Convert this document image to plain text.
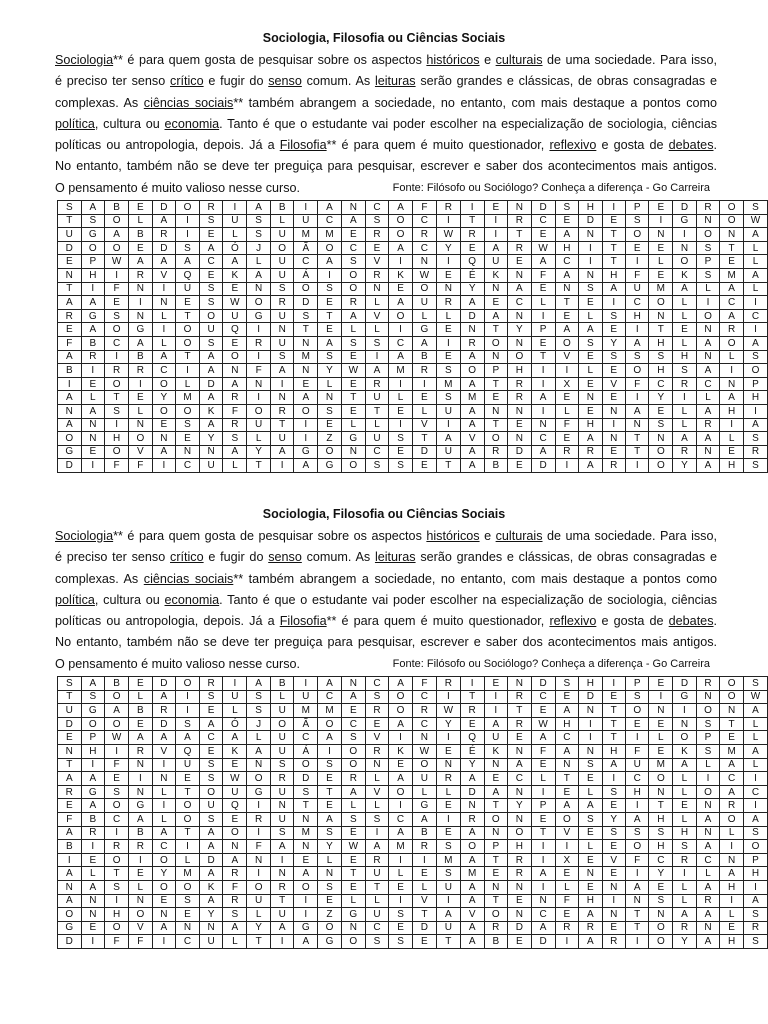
Sociologia, Filosofia ou Ciências Sociais
Sociologia** é para quem gosta de pesquisar sobre os aspectos históricos e culturais de uma sociedade. Para isso,
é preciso ter senso crítico e fugir do senso comum. As leituras serão grandes e clássicas, de obras consagradas e
complexas. As ciências sociais** também abrangem a sociedade, no entanto, com mais destaque a pontos como
política, cultura ou economia. Tanto é que o estudante vai poder escolher na especialização de sociologia, ciências
políticas ou antropologia, depois. Já a Filosofia** é para quem é muito questionador, reflexivo e gosta de debates.
No entanto, também não se deve ter preguiça para pesquisar, escrever e saber dos acontecimentos mais antigos.
O pensamento é muito valioso nesse curso.	Fonte: Filósofo ou Sociólogo? Conheça a diferença - Go Carreira
S	A	B	E	D	O	R	I	A	B	I	A	N	C	A	F	R	I	E	N	D	S	H	I	P	E	D	R	O	S
T	S	O	L	A	I	S	U	S	L	U	C	A	S	O	C	I	T	I	R	C	E	D	E	S	I	G	N	O	W
U	G	A	B	R	I	E	L	S	U	M	M	E	R	O	R	W	R	I	T	E	A	N	T	O	N	I	O	N	A
D	O	O	E	D	S	A	Ó	J	O	Ã	O	C	E	A	C	Y	E	A	R	W	H	I	T	E	E	N	S	T	L
E	P	W	A	A	A	C	A	L	U	C	A	S	V	I	N	I	Q	U	E	A	C	I	T	I	L	O	P	E	L
N	H	I	R	V	Q	E	K	A	U	Á	I	O	R	K	W	E	É	K	N	F	A	N	H	F	E	K	S	M	A
T	I	F	N	I	U	S	E	N	S	O	S	O	N	E	O	N	Y	N	A	E	N	S	A	U	M	A	L	A	L
A	A	E	I	N	E	S	W	O	R	D	E	R	L	A	U	R	A	E	C	L	T	E	I	C	O	L	I	C	I
R	G	S	N	L	T	O	U	G	U	S	T	A	V	O	L	L	D	A	N	I	E	L	S	H	N	L	O	A	C
E	A	O	G	I	O	U	Q	I	N	T	E	L	L	I	G	E	N	T	Y	P	A	A	E	I	T	E	N	R	I
F	B	C	A	L	O	S	E	R	U	N	A	S	S	C	A	I	R	O	N	E	O	S	Y	A	H	L	A	O	A
A	R	I	B	A	T	A	O	I	S	M	S	E	I	A	B	E	A	N	O	T	V	E	S	S	S	H	N	L	S
B	I	R	R	C	I	A	N	F	A	N	Y	W	A	M	R	S	O	P	H	I	I	L	E	O	H	S	A	I	O
I	E	O	I	O	L	D	A	N	I	E	L	E	R	I	I	M	A	T	R	I	X	E	V	F	C	R	C	N	P
A	L	T	E	Y	M	A	R	I	N	A	N	T	U	L	E	S	M	E	R	A	E	N	E	I	Y	I	L	A	H
N	A	S	L	O	O	K	F	O	R	O	S	E	T	E	L	U	A	N	N	I	L	E	N	A	E	L	A	H	I
A	N	I	N	E	S	A	R	U	T	I	E	L	L	I	V	I	A	T	E	N	F	H	I	N	S	L	R	I	A
O	N	H	O	N	E	Y	S	L	U	I	Z	G	U	S	T	A	V	O	N	C	E	A	N	T	N	A	A	L	S
G	E	O	V	A	N	N	A	Y	A	G	O	N	C	E	D	U	A	R	D	A	R	R	E	T	O	R	N	E	R
D	I	F	F	I	C	U	L	T	I	A	G	O	S	S	E	T	A	B	E	D	I	A	R	I	O	Y	A	H	S
Sociologia, Filosofia ou Ciências Sociais
Sociologia** é para quem gosta de pesquisar sobre os aspectos históricos e culturais de uma sociedade. Para isso,
é preciso ter senso crítico e fugir do senso comum. As leituras serão grandes e clássicas, de obras consagradas e
complexas. As ciências sociais** também abrangem a sociedade, no entanto, com mais destaque a pontos como
política, cultura ou economia. Tanto é que o estudante vai poder escolher na especialização de sociologia, ciências
políticas ou antropologia, depois. Já a Filosofia** é para quem é muito questionador, reflexivo e gosta de debates.
No entanto, também não se deve ter preguiça para pesquisar, escrever e saber dos acontecimentos mais antigos.
O pensamento é muito valioso nesse curso.	Fonte: Filósofo ou Sociólogo? Conheça a diferença - Go Carreira
S	A	B	E	D	O	R	I	A	B	I	A	N	C	A	F	R	I	E	N	D	S	H	I	P	E	D	R	O	S
T	S	O	L	A	I	S	U	S	L	U	C	A	S	O	C	I	T	I	R	C	E	D	E	S	I	G	N	O	W
U	G	A	B	R	I	E	L	S	U	M	M	E	R	O	R	W	R	I	T	E	A	N	T	O	N	I	O	N	A
D	O	O	E	D	S	A	Ó	J	O	Ã	O	C	E	A	C	Y	E	A	R	W	H	I	T	E	E	N	S	T	L
E	P	W	A	A	A	C	A	L	U	C	A	S	V	I	N	I	Q	U	E	A	C	I	T	I	L	O	P	E	L
N	H	I	R	V	Q	E	K	A	U	Á	I	O	R	K	W	E	É	K	N	F	A	N	H	F	E	K	S	M	A
T	I	F	N	I	U	S	E	N	S	O	S	O	N	E	O	N	Y	N	A	E	N	S	A	U	M	A	L	A	L
A	A	E	I	N	E	S	W	O	R	D	E	R	L	A	U	R	A	E	C	L	T	E	I	C	O	L	I	C	I
R	G	S	N	L	T	O	U	G	U	S	T	A	V	O	L	L	D	A	N	I	E	L	S	H	N	L	O	A	C
E	A	O	G	I	O	U	Q	I	N	T	E	L	L	I	G	E	N	T	Y	P	A	A	E	I	T	E	N	R	I
F	B	C	A	L	O	S	E	R	U	N	A	S	S	C	A	I	R	O	N	E	O	S	Y	A	H	L	A	O	A
A	R	I	B	A	T	A	O	I	S	M	S	E	I	A	B	E	A	N	O	T	V	E	S	S	S	H	N	L	S
B	I	R	R	C	I	A	N	F	A	N	Y	W	A	M	R	S	O	P	H	I	I	L	E	O	H	S	A	I	O
I	E	O	I	O	L	D	A	N	I	E	L	E	R	I	I	M	A	T	R	I	X	E	V	F	C	R	C	N	P
A	L	T	E	Y	M	A	R	I	N	A	N	T	U	L	E	S	M	E	R	A	E	N	E	I	Y	I	L	A	H
N	A	S	L	O	O	K	F	O	R	O	S	E	T	E	L	U	A	N	N	I	L	E	N	A	E	L	A	H	I
A	N	I	N	E	S	A	R	U	T	I	E	L	L	I	V	I	A	T	E	N	F	H	I	N	S	L	R	I	A
O	N	H	O	N	E	Y	S	L	U	I	Z	G	U	S	T	A	V	O	N	C	E	A	N	T	N	A	A	L	S
G	E	O	V	A	N	N	A	Y	A	G	O	N	C	E	D	U	A	R	D	A	R	R	E	T	O	R	N	E	R
D	I	F	F	I	C	U	L	T	I	A	G	O	S	S	E	T	A	B	E	D	I	A	R	I	O	Y	A	H	S
